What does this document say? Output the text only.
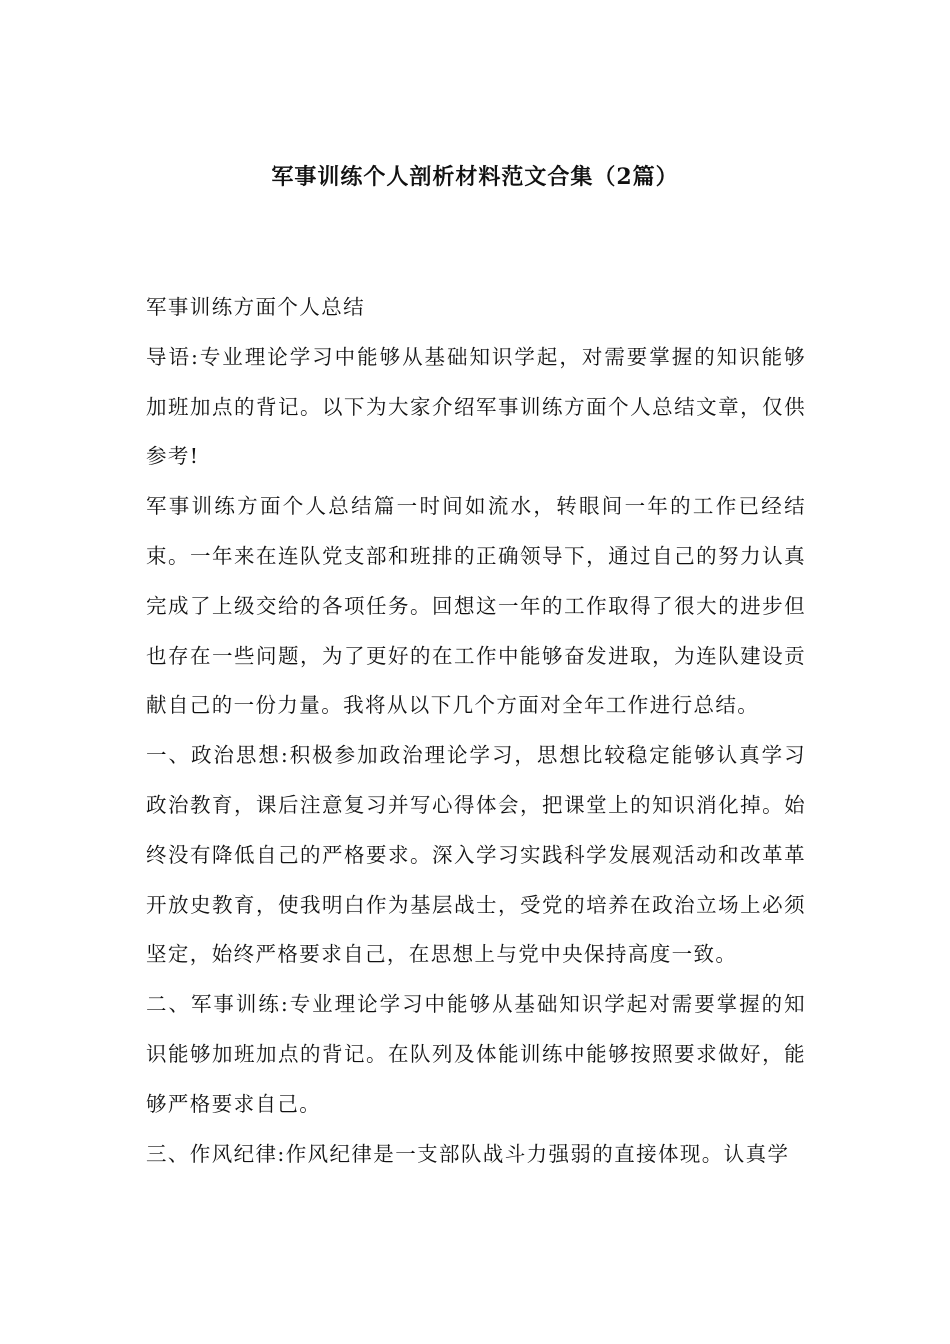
军事训练个人剖析材料范文合集（2篇）

军事训练方面个人总结

导语:专业理论学习中能够从基础知识学起，对需要掌握的知识能够加班加点的背记。以下为大家介绍军事训练方面个人总结文章，仅供参考!

军事训练方面个人总结篇一时间如流水，转眼间一年的工作已经结束。一年来在连队党支部和班排的正确领导下，通过自己的努力认真完成了上级交给的各项任务。回想这一年的工作取得了很大的进步但也存在一些问题，为了更好的在工作中能够奋发进取，为连队建设贡献自己的一份力量。我将从以下几个方面对全年工作进行总结。

一、政治思想:积极参加政治理论学习，思想比较稳定能够认真学习政治教育，课后注意复习并写心得体会，把课堂上的知识消化掉。始终没有降低自己的严格要求。深入学习实践科学发展观活动和改革革开放史教育，使我明白作为基层战士，受党的培养在政治立场上必须坚定，始终严格要求自己，在思想上与党中央保持高度一致。

二、军事训练:专业理论学习中能够从基础知识学起对需要掌握的知识能够加班加点的背记。在队列及体能训练中能够按照要求做好，能够严格要求自己。

三、作风纪律:作风纪律是一支部队战斗力强弱的直接体现。认真学
